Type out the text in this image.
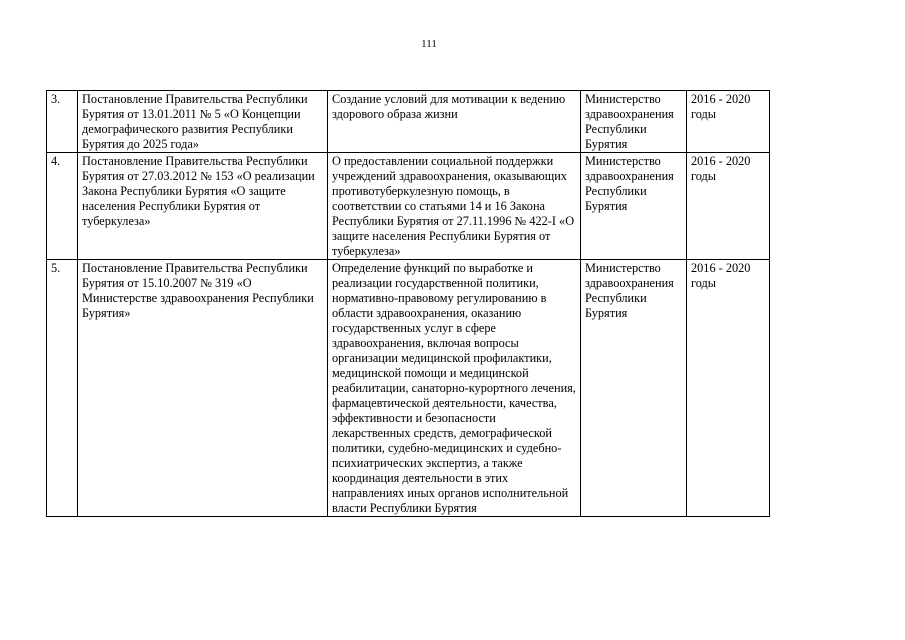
111
3.	Постановление Правительства Республики Бурятия от 13.01.2011 № 5 «О Концепции демографического развития Республики Бурятия до 2025 года»	Создание условий для мотивации к ведению здорового образа жизни	Министерство здравоохранения Республики Бурятия	2016 - 2020 годы
4.	Постановление Правительства Республики Бурятия от 27.03.2012 № 153 «О реализации Закона Республики Бурятия «О защите населения Республики Бурятия от туберкулеза»	О предоставлении социальной поддержки учреждений здравоохранения, оказывающих противотуберкулезную помощь, в соответствии со статьями 14 и 16 Закона Республики Бурятия от 27.11.1996 № 422-I «О защите населения Республики Бурятия от туберкулеза»	Министерство здравоохранения Республики Бурятия	2016 - 2020 годы
5.	Постановление Правительства Республики Бурятия от 15.10.2007 № 319 «О Министерстве здравоохранения Республики Бурятия»	Определение функций по выработке и реализации государственной политики, нормативно-правовому регулированию в области здравоохранения, оказанию государственных услуг в сфере здравоохранения, включая вопросы организации медицинской профилактики, медицинской помощи и медицинской реабилитации, санаторно-курортного лечения, фармацевтической деятельности, качества, эффективности и безопасности лекарственных средств, демографической политики, судебно-медицинских и судебно-психиатрических экспертиз, а также координация деятельности в этих направлениях иных органов исполнительной власти Республики Бурятия	Министерство здравоохранения Республики Бурятия	2016 - 2020 годы
